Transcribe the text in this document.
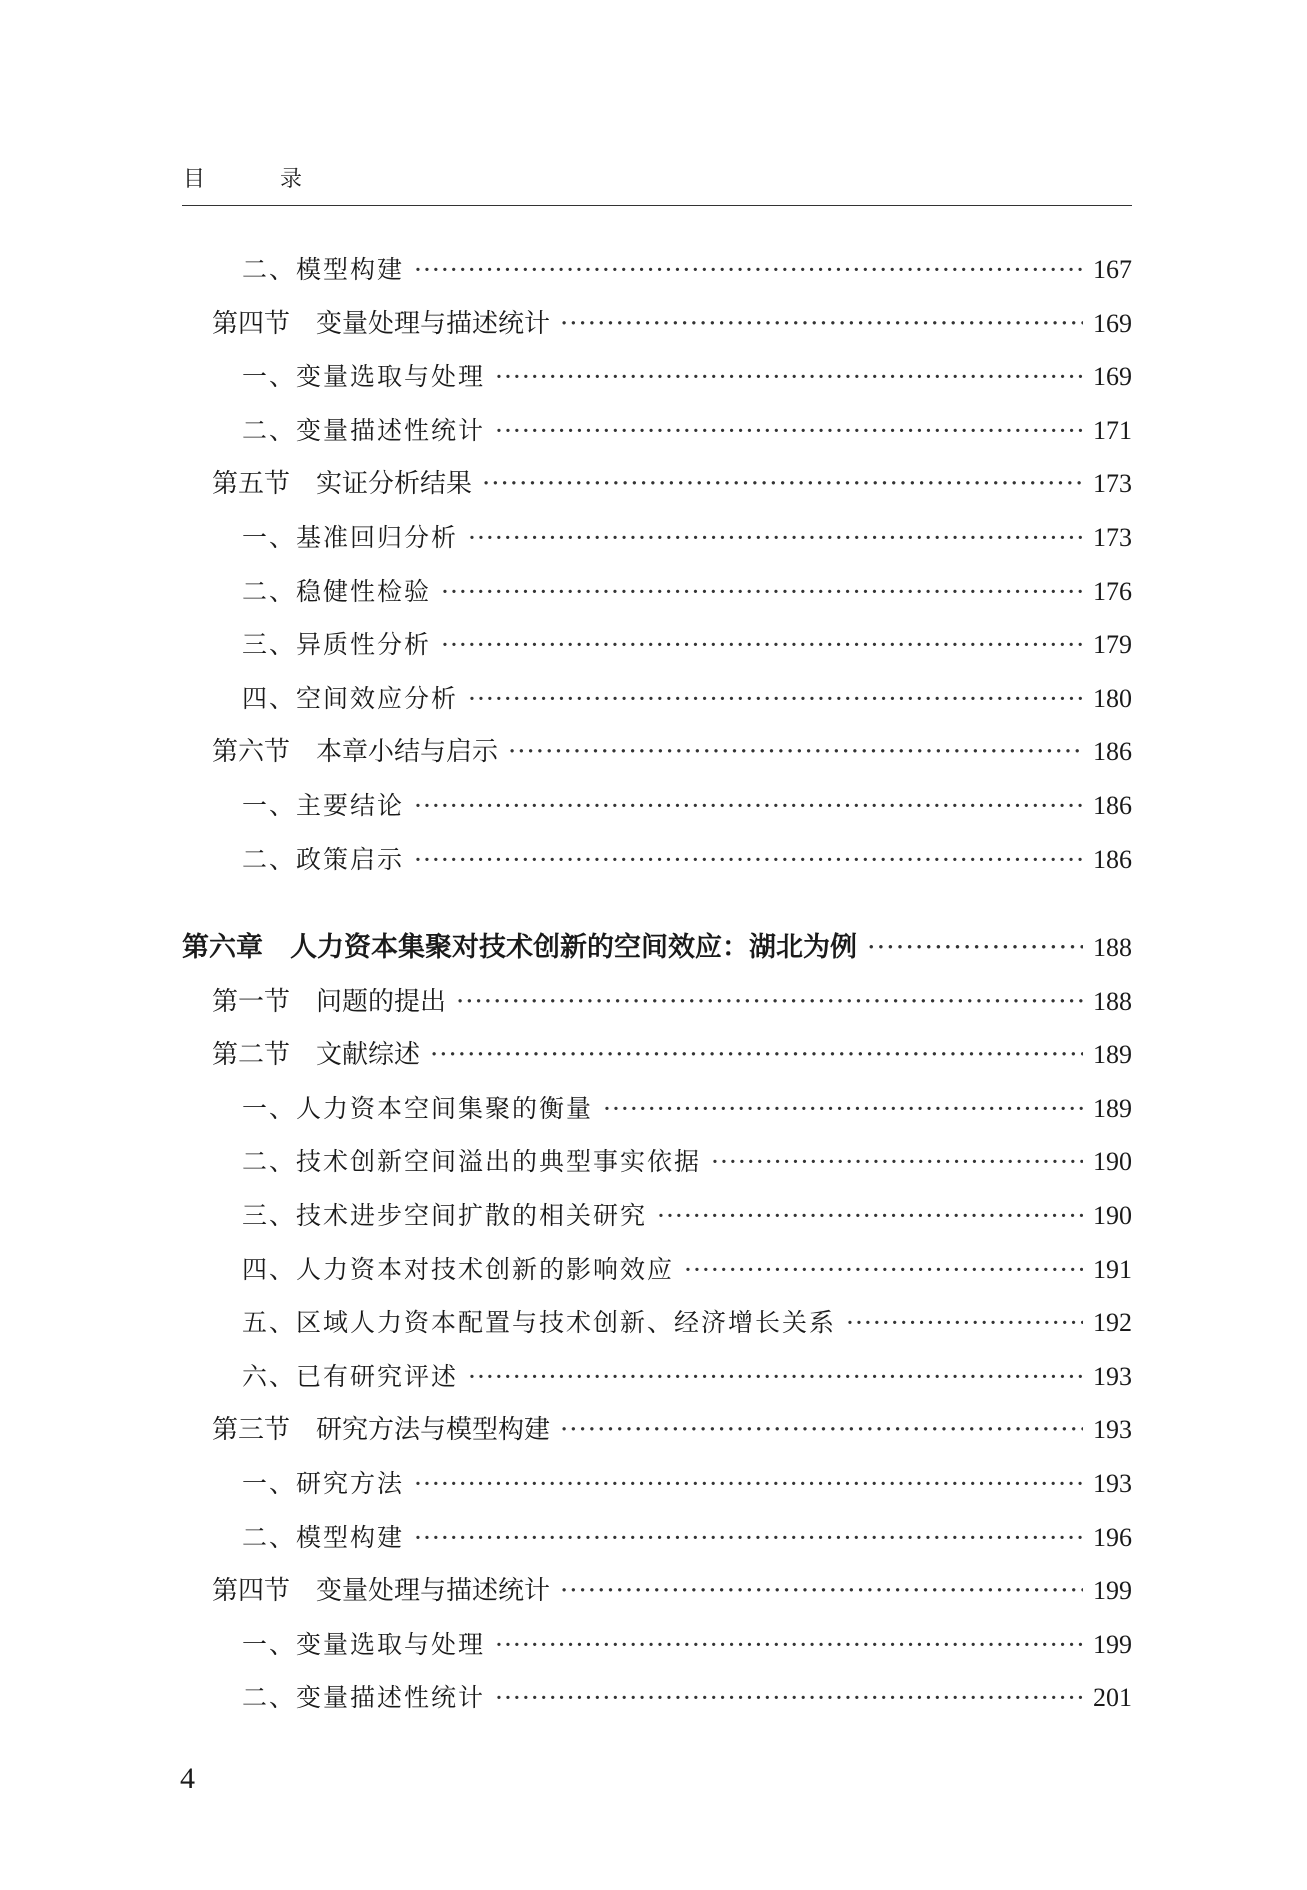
目 录
二、模型构建 ·····	167
第四节　变量处理与描述统计 ·····	169
一、变量选取与处理 ·····	169
二、变量描述性统计 ·····	171
第五节　实证分析结果 ·····	173
一、基准回归分析 ·····	173
二、稳健性检验 ·····	176
三、异质性分析 ·····	179
四、空间效应分析 ·····	180
第六节　本章小结与启示 ·····	186
一、主要结论 ·····	186
二、政策启示 ·····	186
第六章　人力资本集聚对技术创新的空间效应：湖北为例 ·····	188
第一节　问题的提出 ·····	188
第二节　文献综述 ·····	189
一、人力资本空间集聚的衡量 ·····	189
二、技术创新空间溢出的典型事实依据 ·····	190
三、技术进步空间扩散的相关研究 ·····	190
四、人力资本对技术创新的影响效应 ·····	191
五、区域人力资本配置与技术创新、经济增长关系 ·····	192
六、已有研究评述 ·····	193
第三节　研究方法与模型构建 ·····	193
一、研究方法 ·····	193
二、模型构建 ·····	196
第四节　变量处理与描述统计 ·····	199
一、变量选取与处理 ·····	199
二、变量描述性统计 ·····	201
4
